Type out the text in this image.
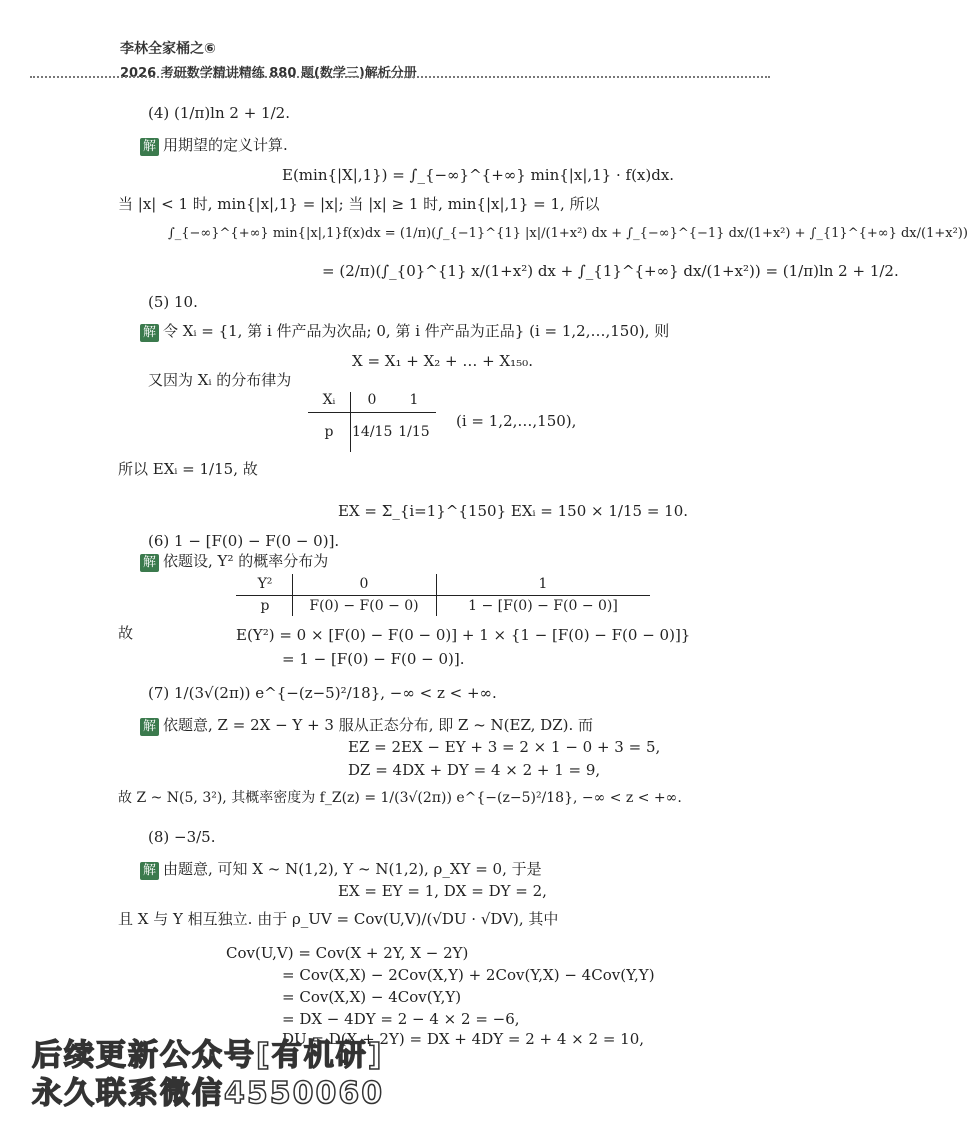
李林全家桶之⑥
2026 考研数学精讲精练 880 题(数学三)解析分册
(4) (1/π)ln 2 + 1/2.
解 用期望的定义计算.
E(min{|X|,1}) = ∫_{−∞}^{+∞} min{|x|,1} · f(x)dx.
当 |x| < 1 时, min{|x|,1} = |x|; 当 |x| ≥ 1 时, min{|x|,1} = 1, 所以
∫_{−∞}^{+∞} min{|x|,1}f(x)dx = (1/π)(∫_{−1}^{1} |x|/(1+x²) dx + ∫_{−∞}^{−1} dx/(1+x²) + ∫_{1}^{+∞} dx/(1+x²))
= (2/π)(∫_{0}^{1} x/(1+x²) dx + ∫_{1}^{+∞} dx/(1+x²)) = (1/π)ln 2 + 1/2.
(5) 10.
解 令 Xᵢ = {1, 第 i 件产品为次品; 0, 第 i 件产品为正品} (i = 1,2,…,150), 则
X = X₁ + X₂ + … + X₁₅₀.
又因为 Xᵢ 的分布律为
Xᵢ	0	1
p	14/15 1/15
(i = 1,2,…,150),
所以 EXᵢ = 1/15, 故
EX = Σ_{i=1}^{150} EXᵢ = 150 × 1/15 = 10.
(6) 1 − [F(0) − F(0 − 0)].
解 依题设, Y² 的概率分布为
Y²	0	1
p	F(0) − F(0 − 0)	1 − [F(0) − F(0 − 0)]
故	E(Y²) = 0 × [F(0) − F(0 − 0)] + 1 × {1 − [F(0) − F(0 − 0)]}
= 1 − [F(0) − F(0 − 0)].
(7) 1/(3√(2π)) e^{−(z−5)²/18}, −∞ < z < +∞.
解 依题意, Z = 2X − Y + 3 服从正态分布, 即 Z ~ N(EZ, DZ). 而
EZ = 2EX − EY + 3 = 2 × 1 − 0 + 3 = 5,
DZ = 4DX + DY = 4 × 2 + 1 = 9,
故 Z ~ N(5, 3²), 其概率密度为 f_Z(z) = 1/(3√(2π)) e^{−(z−5)²/18}, −∞ < z < +∞.
(8) −3/5.
解 由题意, 可知 X ~ N(1,2), Y ~ N(1,2), ρ_XY = 0, 于是
EX = EY = 1, DX = DY = 2,
且 X 与 Y 相互独立. 由于 ρ_UV = Cov(U,V)/(√DU · √DV), 其中
Cov(U,V) = Cov(X + 2Y, X − 2Y)
= Cov(X,X) − 2Cov(X,Y) + 2Cov(Y,X) − 4Cov(Y,Y)
= Cov(X,X) − 4Cov(Y,Y)
= DX − 4DY = 2 − 4 × 2 = −6,
DU = D(X + 2Y) = DX + 4DY = 2 + 4 × 2 = 10,
后续更新公众号[有机研]
永久联系微信4550060
